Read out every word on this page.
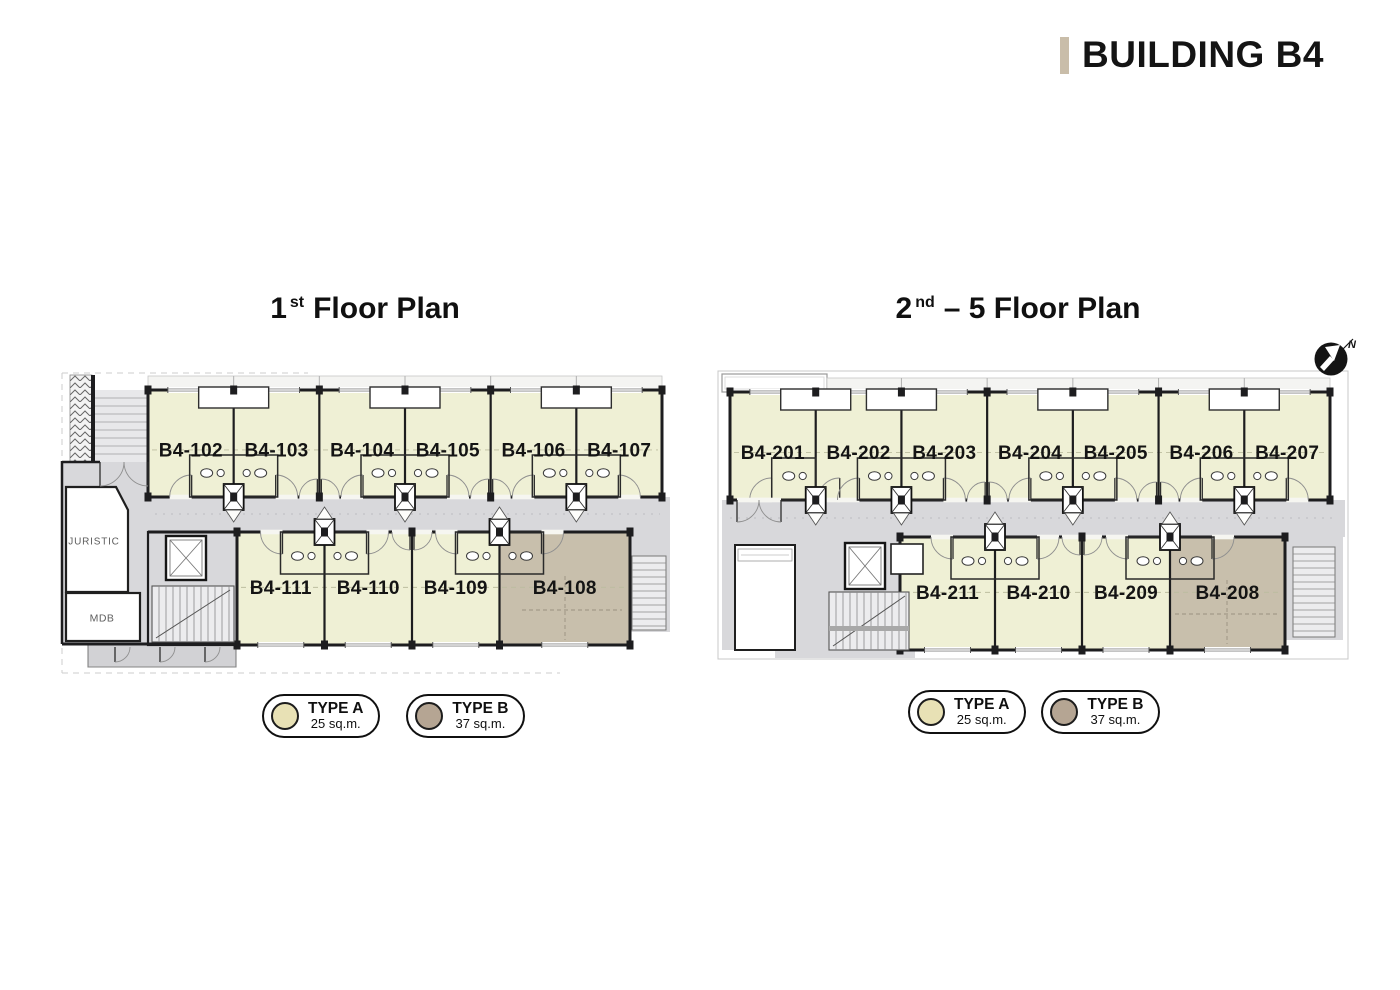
BUILDING B4
1 $^{st}$ Floor Plan	2 $^{nd}$ – 5 Floor Plan
JURISTIC
MDB
B4-102 B4-103 B4-104 B4-105 B4-106 B4-107
B4-111 B4-110 B4-109 B4-108
B4-201 B4-202 B4-203 B4-204 B4-205 B4-206 B4-207
B4-211 B4-210 B4-209 B4-208
N
TYPE A
25 sq.m.
TYPE B
37 sq.m.
TYPE A
25 sq.m.
TYPE B
37 sq.m.
